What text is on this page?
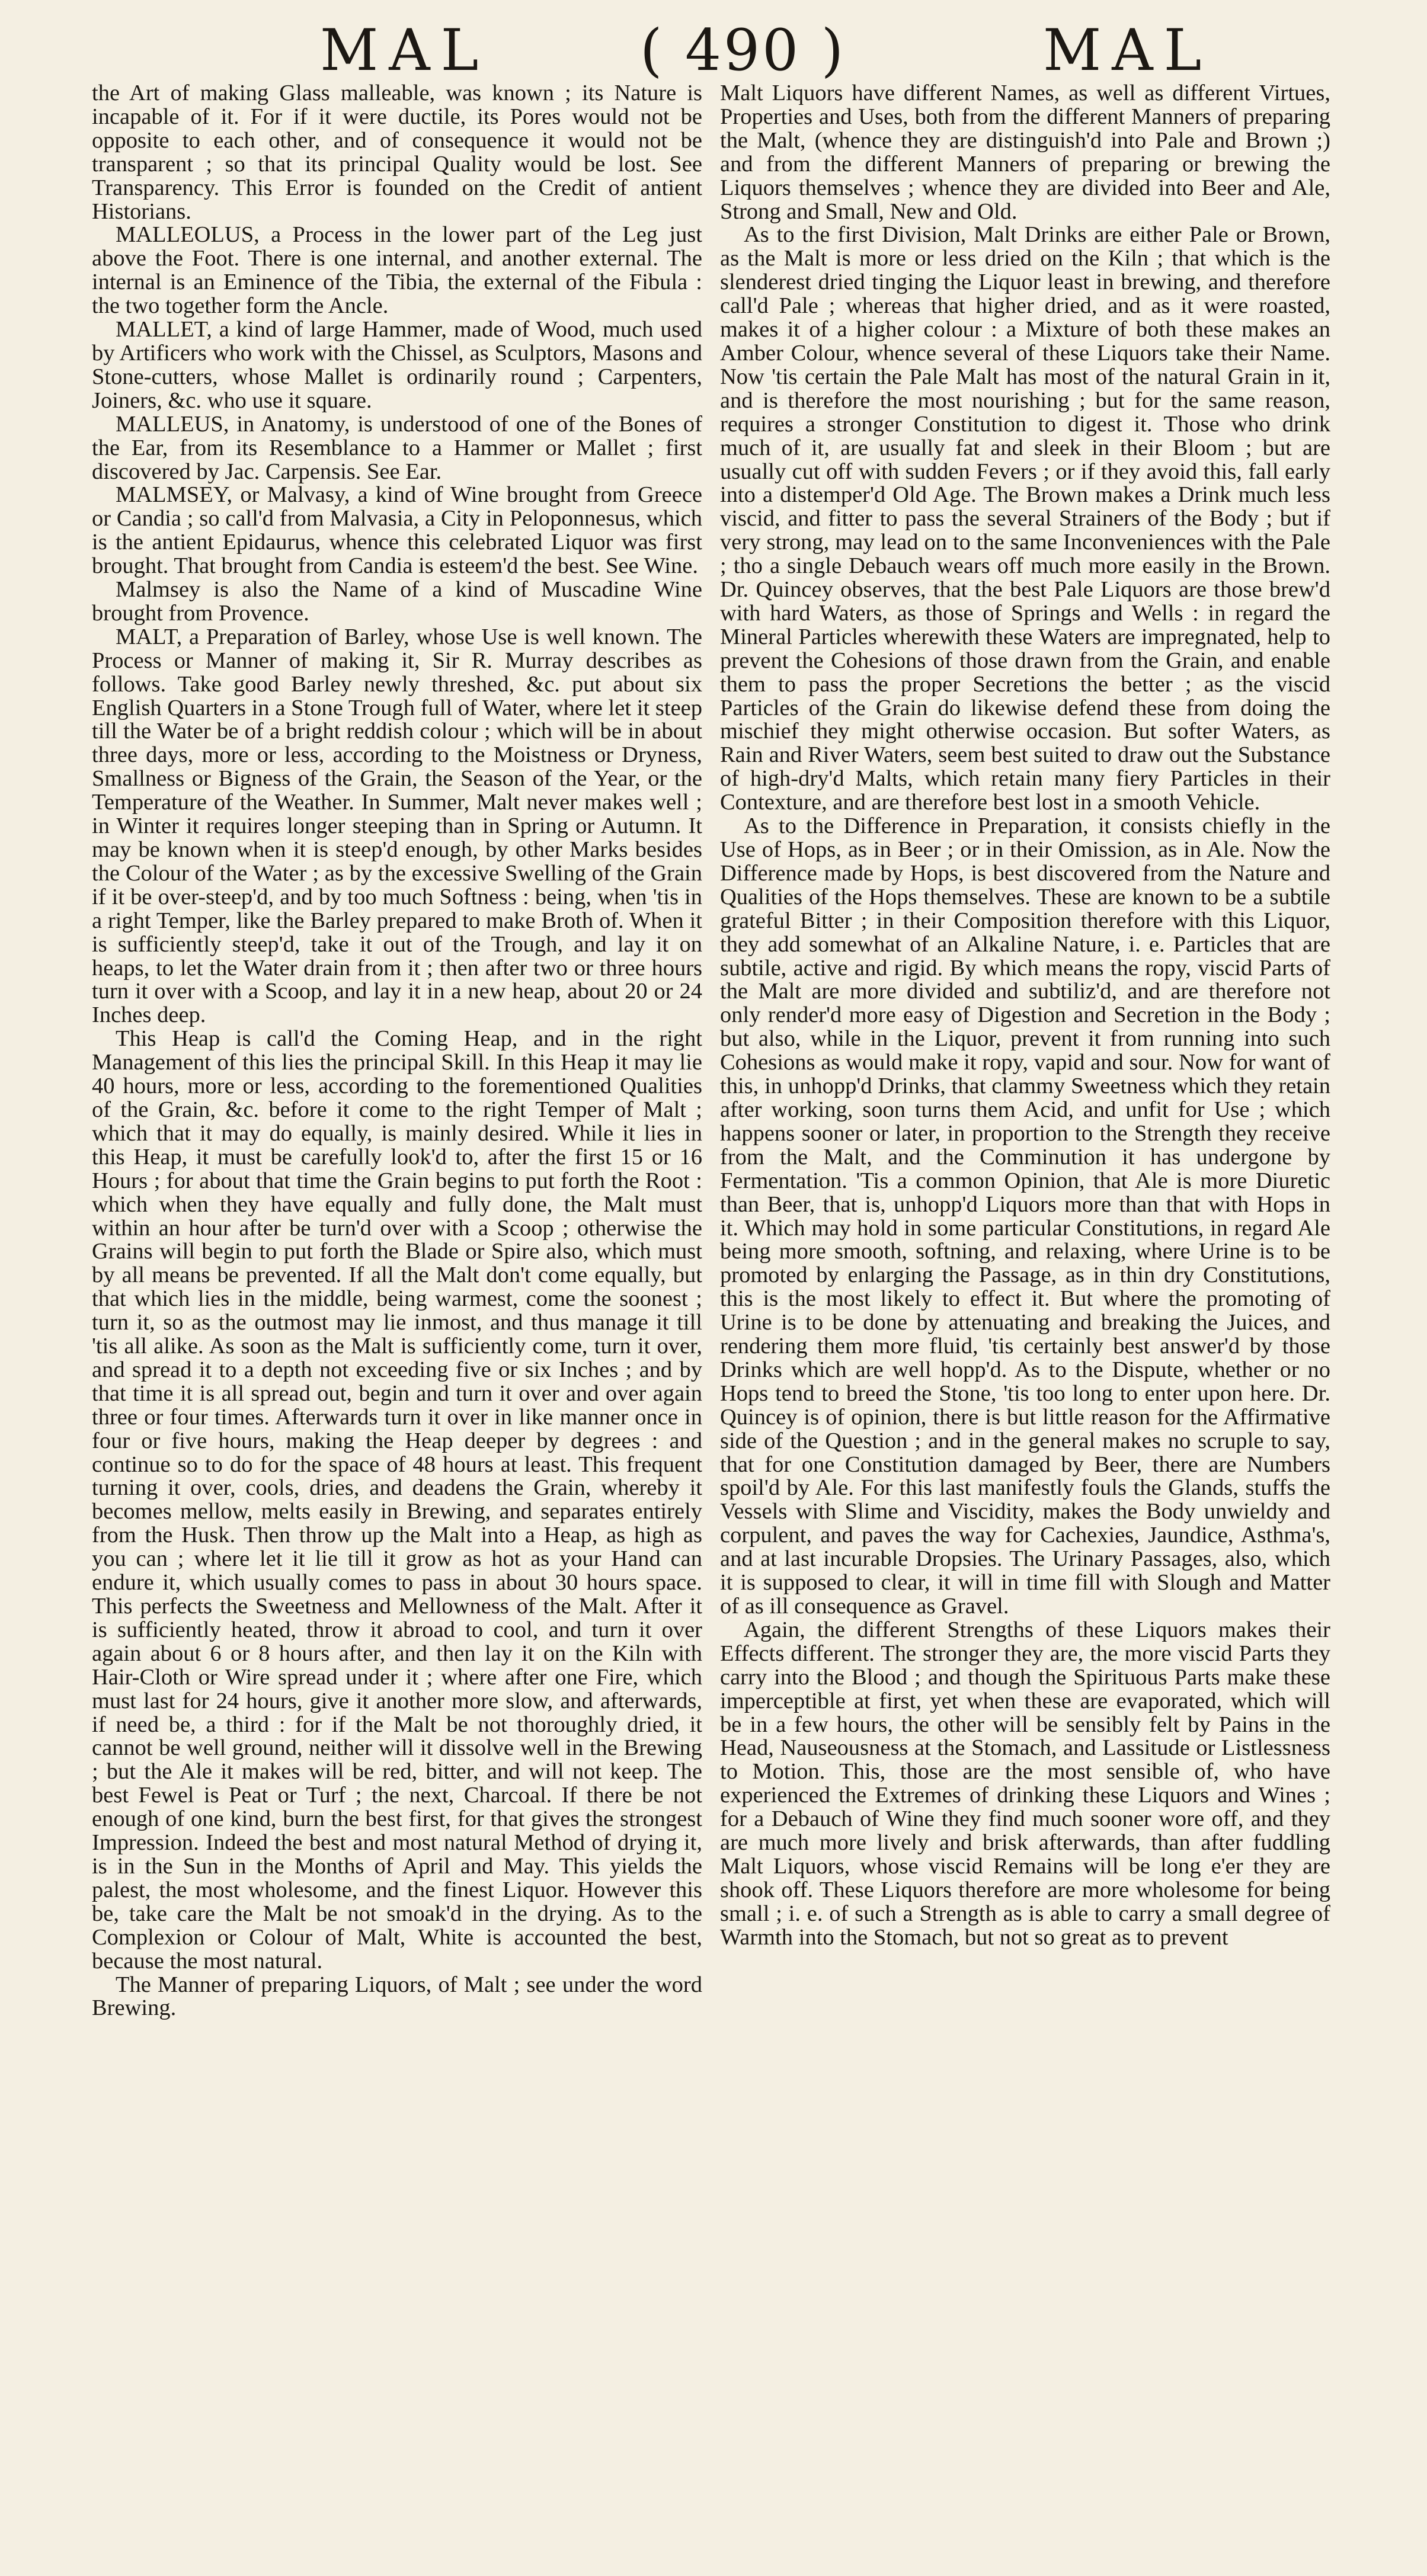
MAL	( 490 )	MAL

the Art of making Glass malleable, was known ; its Nature is incapable of it. For if it were ductile, its Pores would not be opposite to each other, and of consequence it would not be transparent ; so that its principal Quality would be lost. See Transparency. This Error is founded on the Credit of antient Historians.

MALLEOLUS, a Process in the lower part of the Leg just above the Foot. There is one internal, and another external. The internal is an Eminence of the Tibia, the external of the Fibula : the two together form the Ancle.

MALLET, a kind of large Hammer, made of Wood, much used by Artificers who work with the Chissel, as Sculptors, Masons and Stone-cutters, whose Mallet is ordinarily round ; Carpenters, Joiners, &c. who use it square.

MALLEUS, in Anatomy, is understood of one of the Bones of the Ear, from its Resemblance to a Hammer or Mallet ; first discovered by Jac. Carpensis. See Ear.

MALMSEY, or Malvasy, a kind of Wine brought from Greece or Candia ; so call'd from Malvasia, a City in Peloponnesus, which is the antient Epidaurus, whence this celebrated Liquor was first brought. That brought from Candia is esteem'd the best. See Wine.

Malmsey is also the Name of a kind of Muscadine Wine brought from Provence.

MALT, a Preparation of Barley, whose Use is well known. The Process or Manner of making it, Sir R. Murray describes as follows. Take good Barley newly threshed, &c. put about six English Quarters in a Stone Trough full of Water, where let it steep till the Water be of a bright reddish colour ; which will be in about three days, more or less, according to the Moistness or Dryness, Smallness or Bigness of the Grain, the Season of the Year, or the Temperature of the Weather. In Summer, Malt never makes well ; in Winter it requires longer steeping than in Spring or Autumn. It may be known when it is steep'd enough, by other Marks besides the Colour of the Water ; as by the excessive Swelling of the Grain if it be over-steep'd, and by too much Softness : being, when 'tis in a right Temper, like the Barley prepared to make Broth of. When it is sufficiently steep'd, take it out of the Trough, and lay it on heaps, to let the Water drain from it ; then after two or three hours turn it over with a Scoop, and lay it in a new heap, about 20 or 24 Inches deep.

This Heap is call'd the Coming Heap, and in the right Management of this lies the principal Skill. In this Heap it may lie 40 hours, more or less, according to the forementioned Qualities of the Grain, &c. before it come to the right Temper of Malt ; which that it may do equally, is mainly desired. While it lies in this Heap, it must be carefully look'd to, after the first 15 or 16 Hours ; for about that time the Grain begins to put forth the Root : which when they have equally and fully done, the Malt must within an hour after be turn'd over with a Scoop ; otherwise the Grains will begin to put forth the Blade or Spire also, which must by all means be prevented. If all the Malt don't come equally, but that which lies in the middle, being warmest, come the soonest ; turn it, so as the outmost may lie inmost, and thus manage it till 'tis all alike. As soon as the Malt is sufficiently come, turn it over, and spread it to a depth not exceeding five or six Inches ; and by that time it is all spread out, begin and turn it over and over again three or four times. Afterwards turn it over in like manner once in four or five hours, making the Heap deeper by degrees : and continue so to do for the space of 48 hours at least. This frequent turning it over, cools, dries, and deadens the Grain, whereby it becomes mellow, melts easily in Brewing, and separates entirely from the Husk. Then throw up the Malt into a Heap, as high as you can ; where let it lie till it grow as hot as your Hand can endure it, which usually comes to pass in about 30 hours space. This perfects the Sweetness and Mellowness of the Malt. After it is sufficiently heated, throw it abroad to cool, and turn it over again about 6 or 8 hours after, and then lay it on the Kiln with Hair-Cloth or Wire spread under it ; where after one Fire, which must last for 24 hours, give it another more slow, and afterwards, if need be, a third : for if the Malt be not thoroughly dried, it cannot be well ground, neither will it dissolve well in the Brewing ; but the Ale it makes will be red, bitter, and will not keep. The best Fewel is Peat or Turf ; the next, Charcoal. If there be not enough of one kind, burn the best first, for that gives the strongest Impression. Indeed the best and most natural Method of drying it, is in the Sun in the Months of April and May. This yields the palest, the most wholesome, and the finest Liquor. However this be, take care the Malt be not smoak'd in the drying. As to the Complexion or Colour of Malt, White is accounted the best, because the most natural.

The Manner of preparing Liquors, of Malt ; see under the word Brewing.

Malt Liquors have different Names, as well as different Virtues, Properties and Uses, both from the different Manners of preparing the Malt, (whence they are distinguish'd into Pale and Brown ;) and from the different Manners of preparing or brewing the Liquors themselves ; whence they are divided into Beer and Ale, Strong and Small, New and Old.

As to the first Division, Malt Drinks are either Pale or Brown, as the Malt is more or less dried on the Kiln ; that which is the slenderest dried tinging the Liquor least in brewing, and therefore call'd Pale ; whereas that higher dried, and as it were roasted, makes it of a higher colour : a Mixture of both these makes an Amber Colour, whence several of these Liquors take their Name. Now 'tis certain the Pale Malt has most of the natural Grain in it, and is therefore the most nourishing ; but for the same reason, requires a stronger Constitution to digest it. Those who drink much of it, are usually fat and sleek in their Bloom ; but are usually cut off with sudden Fevers ; or if they avoid this, fall early into a distemper'd Old Age. The Brown makes a Drink much less viscid, and fitter to pass the several Strainers of the Body ; but if very strong, may lead on to the same Inconveniences with the Pale ; tho a single Debauch wears off much more easily in the Brown. Dr. Quincey observes, that the best Pale Liquors are those brew'd with hard Waters, as those of Springs and Wells : in regard the Mineral Particles wherewith these Waters are impregnated, help to prevent the Cohesions of those drawn from the Grain, and enable them to pass the proper Secretions the better ; as the viscid Particles of the Grain do likewise defend these from doing the mischief they might otherwise occasion. But softer Waters, as Rain and River Waters, seem best suited to draw out the Substance of high-dry'd Malts, which retain many fiery Particles in their Contexture, and are therefore best lost in a smooth Vehicle.

As to the Difference in Preparation, it consists chiefly in the Use of Hops, as in Beer ; or in their Omission, as in Ale. Now the Difference made by Hops, is best discovered from the Nature and Qualities of the Hops themselves. These are known to be a subtile grateful Bitter ; in their Composition therefore with this Liquor, they add somewhat of an Alkaline Nature, i. e. Particles that are subtile, active and rigid. By which means the ropy, viscid Parts of the Malt are more divided and subtiliz'd, and are therefore not only render'd more easy of Digestion and Secretion in the Body ; but also, while in the Liquor, prevent it from running into such Cohesions as would make it ropy, vapid and sour. Now for want of this, in unhopp'd Drinks, that clammy Sweetness which they retain after working, soon turns them Acid, and unfit for Use ; which happens sooner or later, in proportion to the Strength they receive from the Malt, and the Comminution it has undergone by Fermentation. 'Tis a common Opinion, that Ale is more Diuretic than Beer, that is, unhopp'd Liquors more than that with Hops in it. Which may hold in some particular Constitutions, in regard Ale being more smooth, softning, and relaxing, where Urine is to be promoted by enlarging the Passage, as in thin dry Constitutions, this is the most likely to effect it. But where the promoting of Urine is to be done by attenuating and breaking the Juices, and rendering them more fluid, 'tis certainly best answer'd by those Drinks which are well hopp'd. As to the Dispute, whether or no Hops tend to breed the Stone, 'tis too long to enter upon here. Dr. Quincey is of opinion, there is but little reason for the Affirmative side of the Question ; and in the general makes no scruple to say, that for one Constitution damaged by Beer, there are Numbers spoil'd by Ale. For this last manifestly fouls the Glands, stuffs the Vessels with Slime and Viscidity, makes the Body unwieldy and corpulent, and paves the way for Cachexies, Jaundice, Asthma's, and at last incurable Dropsies. The Urinary Passages, also, which it is supposed to clear, it will in time fill with Slough and Matter of as ill consequence as Gravel.

Again, the different Strengths of these Liquors makes their Effects different. The stronger they are, the more viscid Parts they carry into the Blood ; and though the Spirituous Parts make these imperceptible at first, yet when these are evaporated, which will be in a few hours, the other will be sensibly felt by Pains in the Head, Nauseousness at the Stomach, and Lassitude or Listlessness to Motion. This, those are the most sensible of, who have experienced the Extremes of drinking these Liquors and Wines ; for a Debauch of Wine they find much sooner wore off, and they are much more lively and brisk afterwards, than after fuddling Malt Liquors, whose viscid Remains will be long e'er they are shook off. These Liquors therefore are more wholesome for being small ; i. e. of such a Strength as is able to carry a small degree of Warmth into the Stomach, but not so great as to prevent
